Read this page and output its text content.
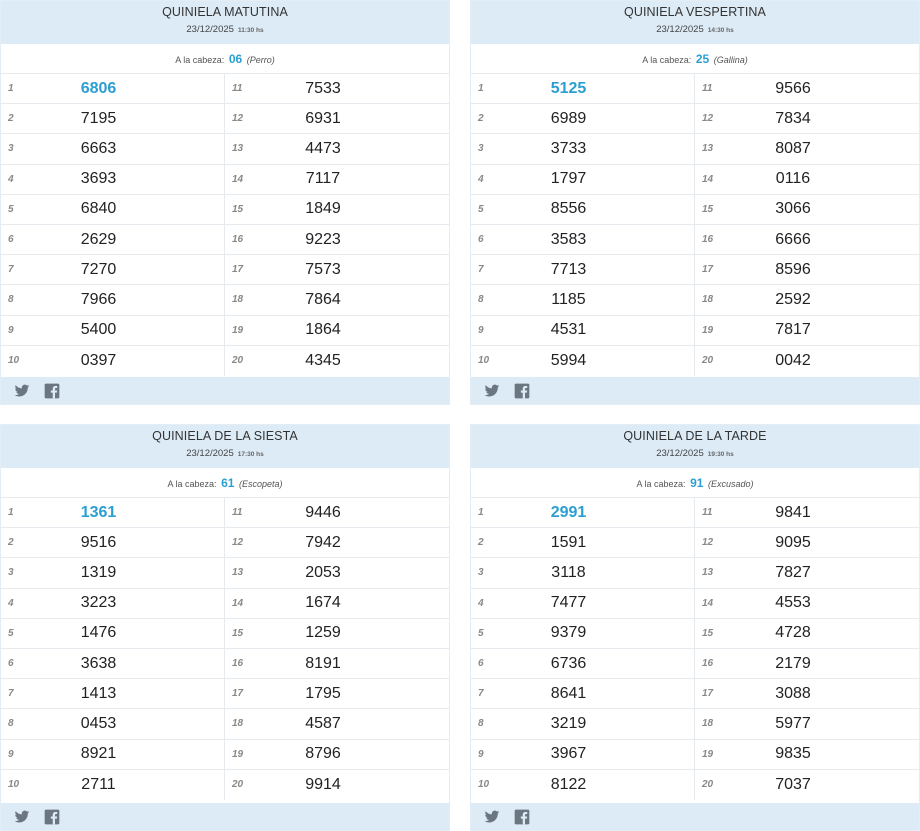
QUINIELA MATUTINA
23/12/2025 11:30 hs
A la cabeza: 06 (Perro)
1	6806
2	7195
3	6663
4	3693
5	6840
6	2629
7	7270
8	7966
9	5400
10	0397
11	7533
12	6931
13	4473
14	7117
15	1849
16	9223
17	7573
18	7864
19	1864
20	4345
QUINIELA VESPERTINA
23/12/2025 14:30 hs
A la cabeza: 25 (Gallina)
1	5125
2	6989
3	3733
4	1797
5	8556
6	3583
7	7713
8	1185
9	4531
10	5994
11	9566
12	7834
13	8087
14	0116
15	3066
16	6666
17	8596
18	2592
19	7817
20	0042
QUINIELA DE LA SIESTA
23/12/2025 17:30 hs
A la cabeza: 61 (Escopeta)
1	1361
2	9516
3	1319
4	3223
5	1476
6	3638
7	1413
8	0453
9	8921
10	2711
11	9446
12	7942
13	2053
14	1674
15	1259
16	8191
17	1795
18	4587
19	8796
20	9914
QUINIELA DE LA TARDE
23/12/2025 19:30 hs
A la cabeza: 91 (Excusado)
1	2991
2	1591
3	3118
4	7477
5	9379
6	6736
7	8641
8	3219
9	3967
10	8122
11	9841
12	9095
13	7827
14	4553
15	4728
16	2179
17	3088
18	5977
19	9835
20	7037
